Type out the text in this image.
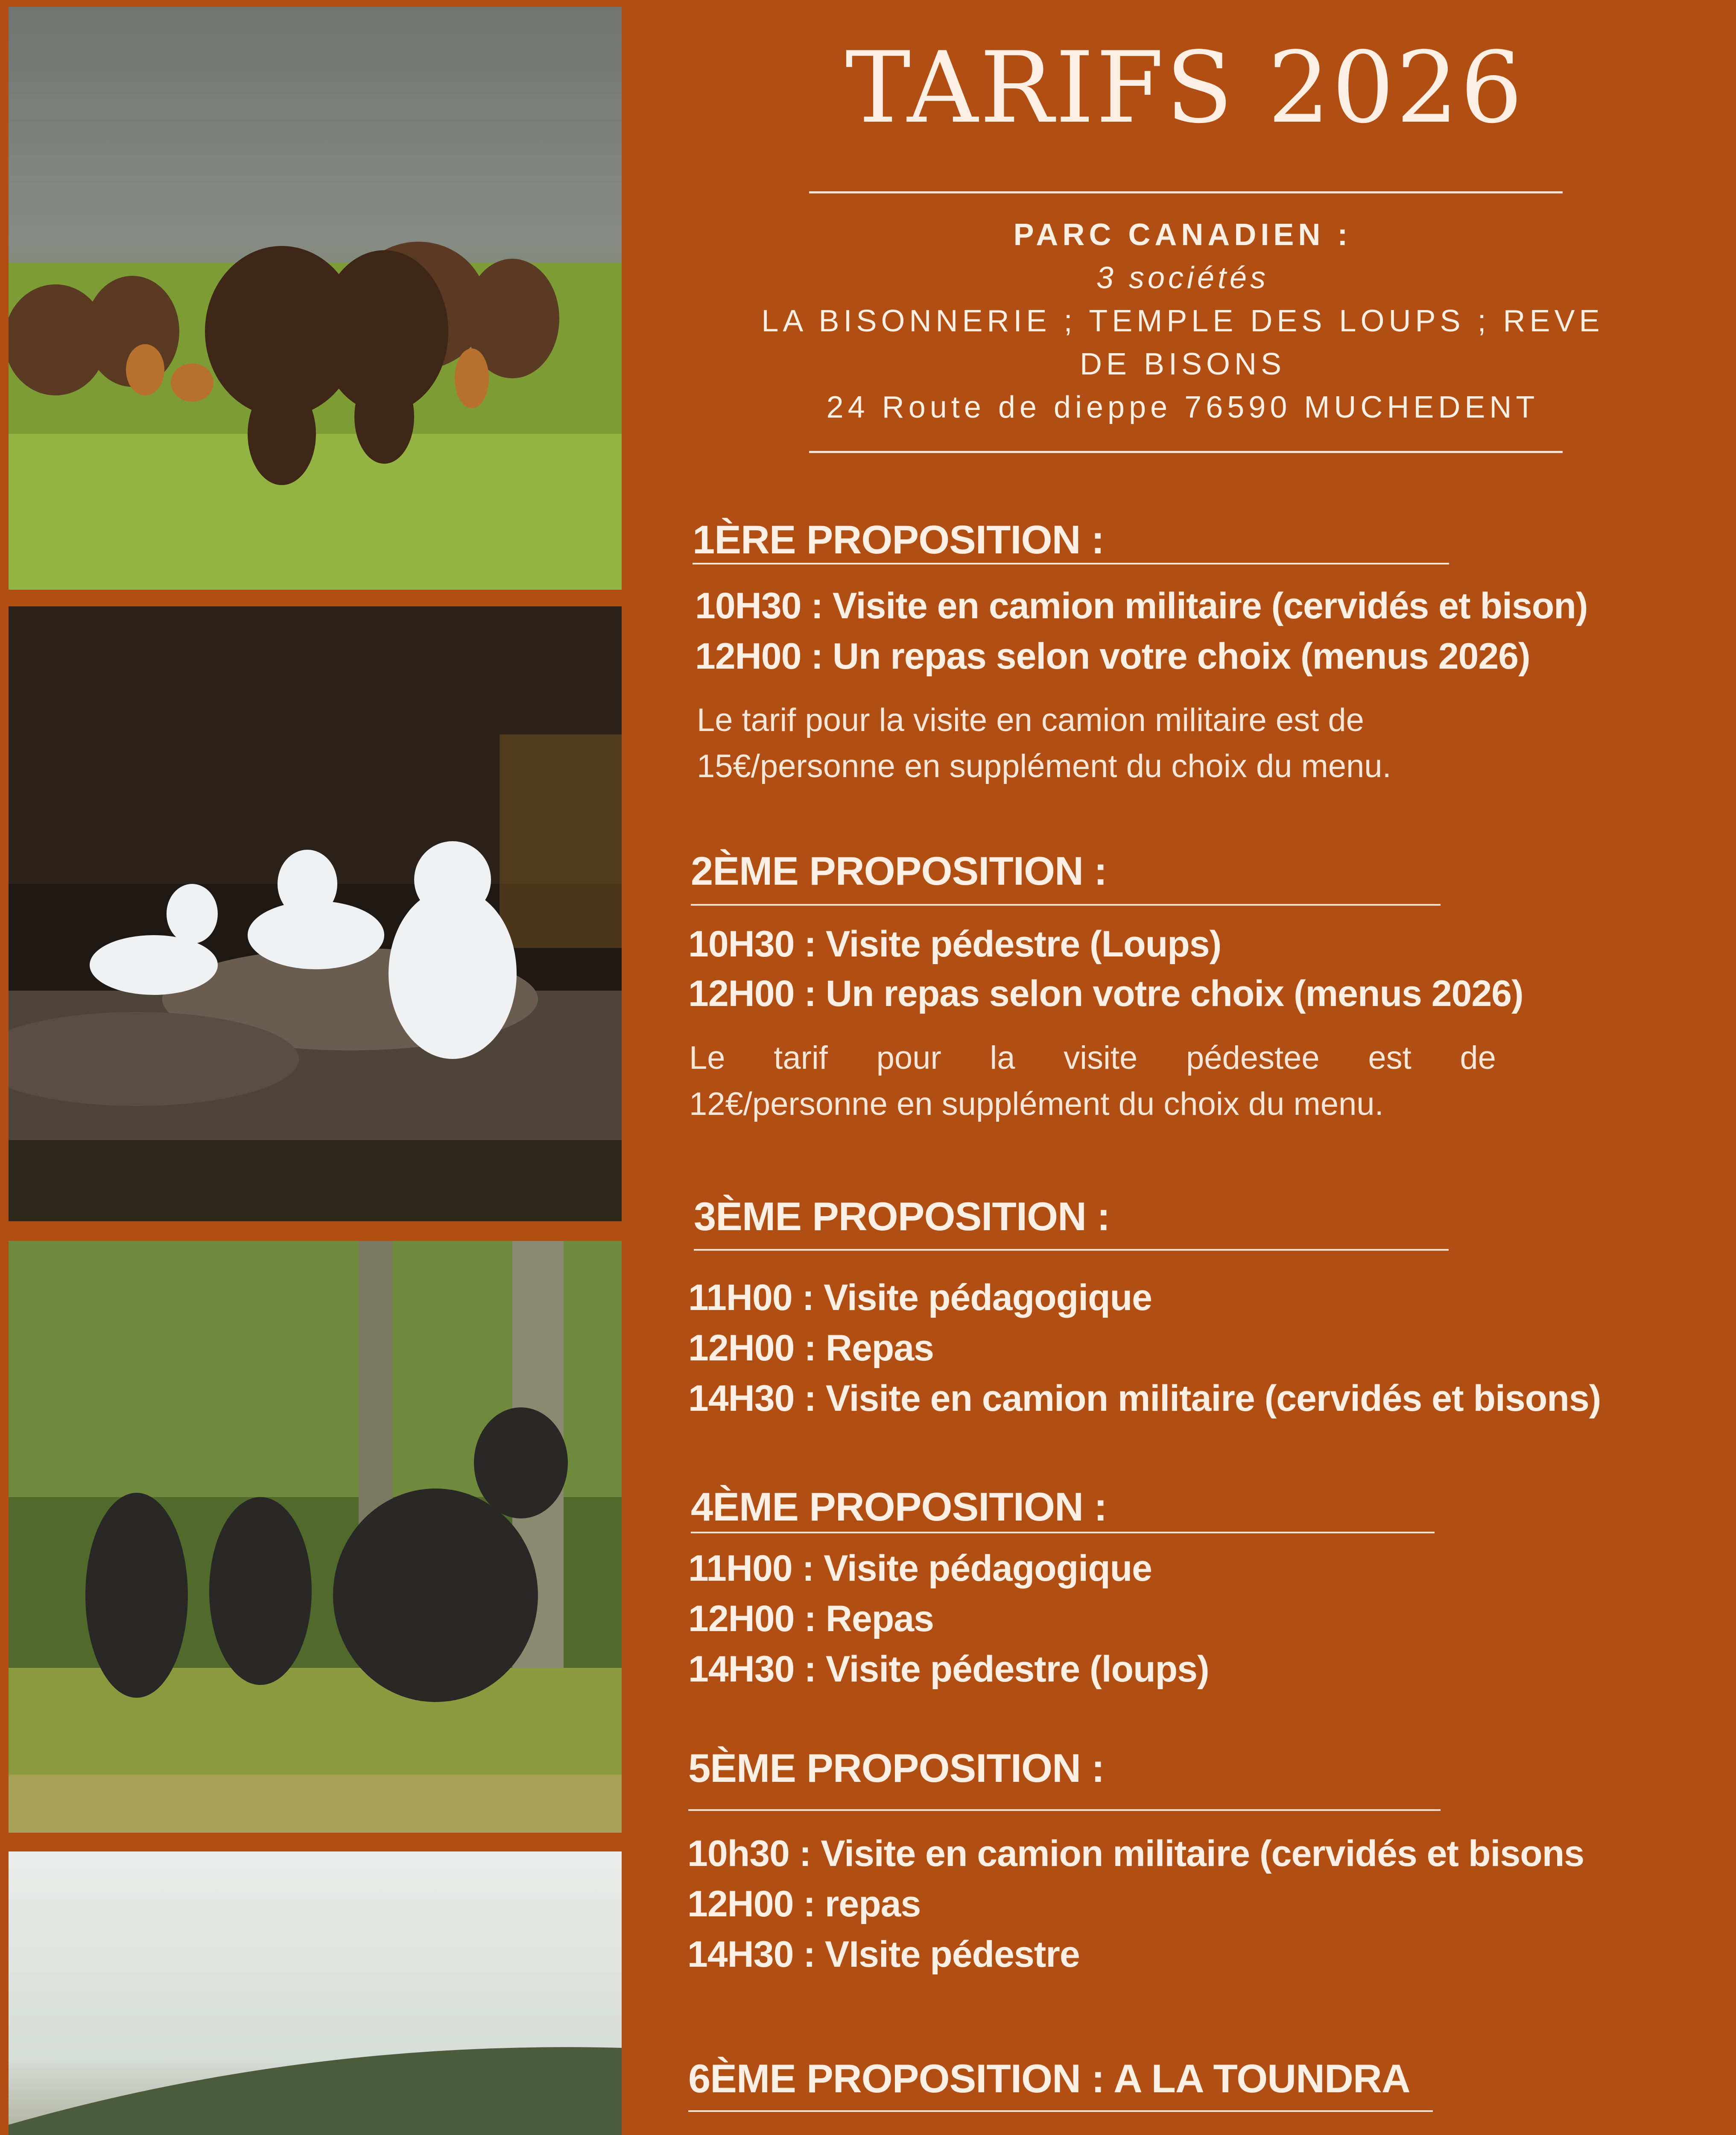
TARIFS 2026
PARC CANADIEN :
3 sociétés
LA BISONNERIE ; TEMPLE DES LOUPS ; REVE
DE BISONS
24 Route de dieppe 76590 MUCHEDENT
1ÈRE PROPOSITION :
10H30 : Visite en camion militaire (cervidés et bison)
12H00 : Un repas selon votre choix (menus 2026)
Le tarif pour la visite en camion militaire est de
15€/personne en supplément du choix du menu.
2ÈME PROPOSITION :
10H30 : Visite pédestre (Loups)
12H00 : Un repas selon votre choix (menus 2026)
Le tarif pour la visite pédestee est de
12€/personne en supplément du choix du menu.
3ÈME PROPOSITION :
11H00 : Visite pédagogique
12H00 : Repas
14H30 : Visite en camion militaire (cervidés et bisons)
4ÈME PROPOSITION :
11H00 : Visite pédagogique
12H00 : Repas
14H30 : Visite pédestre (loups)
5ÈME PROPOSITION :
10h30 : Visite en camion militaire (cervidés et bisons
12H00 : repas
14H30 : VIsite pédestre
6ÈME PROPOSITION : A LA TOUNDRA
